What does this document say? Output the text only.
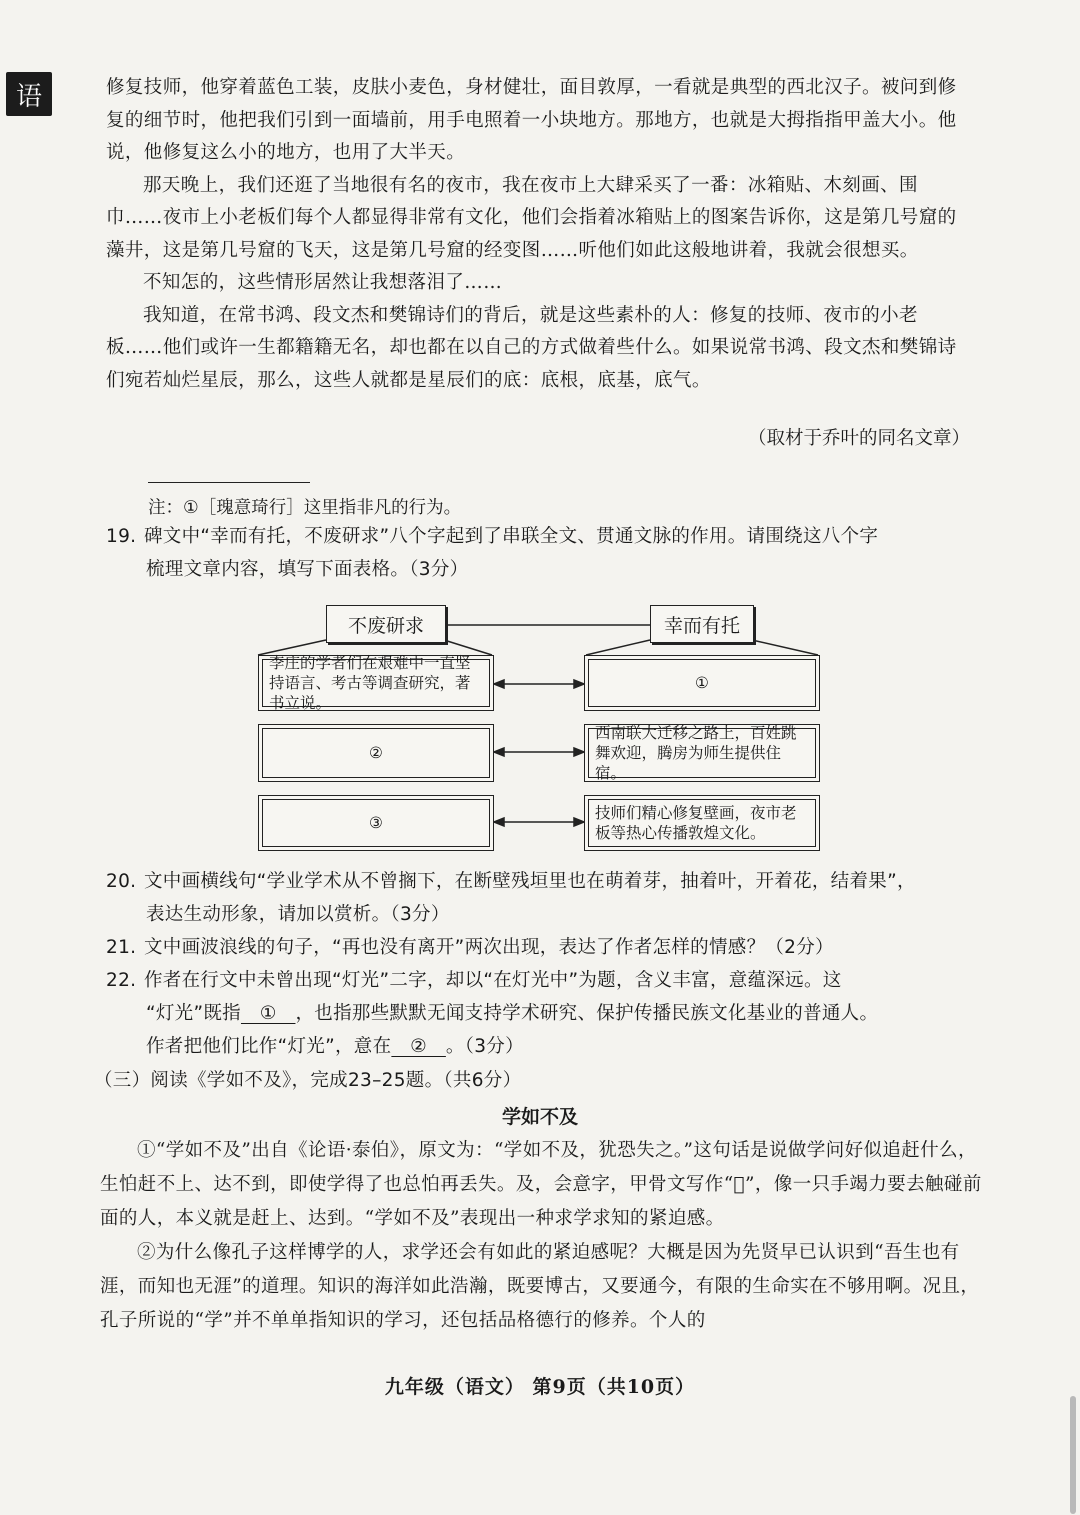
语	修复技师，他穿着蓝色工装，皮肤小麦色，身材健壮，面目敦厚，一看就是典型的西北汉子。被问到修复的细节时，他把我们引到一面墙前，用手电照着一小块地方。那地方，也就是大拇指指甲盖大小。他说，他修复这么小的地方，也用了大半天。

那天晚上，我们还逛了当地很有名的夜市，我在夜市上大肆采买了一番：冰箱贴、木刻画、围巾……夜市上小老板们每个人都显得非常有文化，他们会指着冰箱贴上的图案告诉你，这是第几号窟的藻井，这是第几号窟的飞天，这是第几号窟的经变图……听他们如此这般地讲着，我就会很想买。

不知怎的，这些情形居然让我想落泪了……

我知道，在常书鸿、段文杰和樊锦诗们的背后，就是这些素朴的人：修复的技师、夜市的小老板……他们或许一生都籍籍无名，却也都在以自己的方式做着些什么。如果说常书鸿、段文杰和樊锦诗们宛若灿烂星辰，那么，这些人就都是星辰们的底：底根，底基，底气。

（取材于乔叶的同名文章）
注：①［瑰意琦行］这里指非凡的行为。
19. 碑文中“幸而有托，不废研求”八个字起到了串联全文、贯通文脉的作用。请围绕这八个字
梳理文章内容，填写下面表格。（3分）
不废研求	幸而有托
李庄的学者们在艰难中一直坚持语言、考古等调查研究，著书立说。
①
②
西南联大迁移之路上，百姓跳舞欢迎，腾房为师生提供住宿。
③
技师们精心修复壁画，夜市老板等热心传播敦煌文化。
20. 文中画横线句“学业学术从不曾搁下，在断壁残垣里也在萌着芽，抽着叶，开着花，结着果”，
表达生动形象，请加以赏析。（3分）
21. 文中画波浪线的句子，“再也没有离开”两次出现，表达了作者怎样的情感？（2分）
22. 作者在行文中未曾出现“灯光”二字，却以“在灯光中”为题，含义丰富，意蕴深远。这
“灯光”既指　①　，也指那些默默无闻支持学术研究、保护传播民族文化基业的普通人。
作者把他们比作“灯光”，意在　②　。（3分）
（三）阅读《学如不及》，完成23–25题。（共6分）
学如不及

①“学如不及”出自《论语·泰伯》，原文为：“学如不及，犹恐失之。”这句话是说做学问好似追赶什么，生怕赶不上、达不到，即使学得了也总怕再丢失。及，会意字，甲骨文写作“𠂬”，像一只手竭力要去触碰前面的人，本义就是赶上、达到。“学如不及”表现出一种求学求知的紧迫感。

②为什么像孔子这样博学的人，求学还会有如此的紧迫感呢？大概是因为先贤早已认识到“吾生也有涯，而知也无涯”的道理。知识的海洋如此浩瀚，既要博古，又要通今，有限的生命实在不够用啊。况且，孔子所说的“学”并不单单指知识的学习，还包括品格德行的修养。个人的

九年级（语文） 第9页（共10页）
